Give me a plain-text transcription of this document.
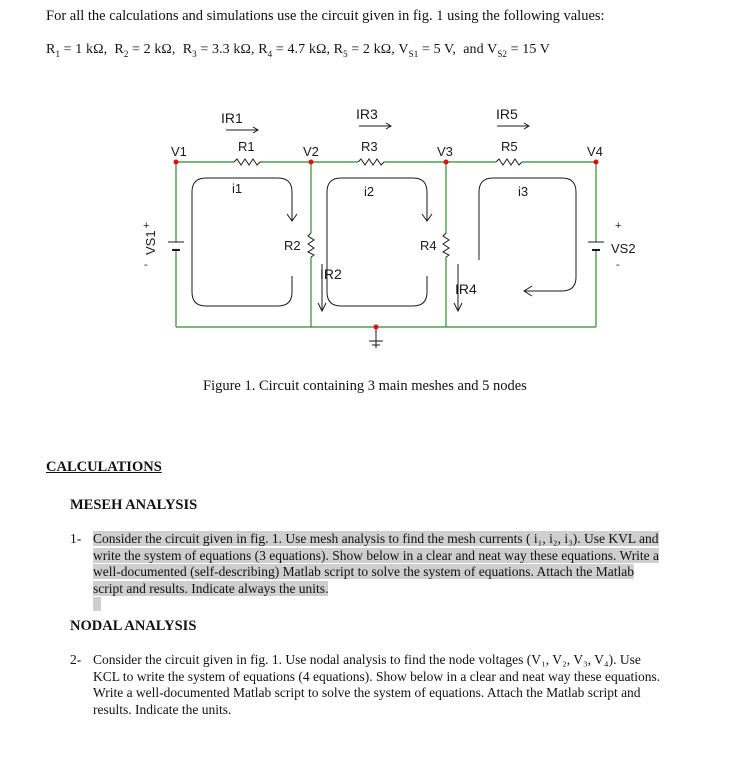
For all the calculations and simulations use the circuit given in fig. 1 using the following values:
$R_1 = 1$ kΩ,  $R_2 = 2$ kΩ,  $R_3 = 3.3$ kΩ, $R_4 = 4.7$ kΩ, $R_5 = 2$ kΩ, $V_{S1} = 5$ V, and $V_{S2} = 15$ V
IR1	IR3	IR5
R1	R3	R5
V1	V2	V3	V4
i1	i2	i3
R2	R4
IR2
IR4
+
VS1
-
+
VS2
-
Figure 1. Circuit containing 3 main meshes and 5 nodes
CALCULATIONS
MESEH ANALYSIS
1- Consider the circuit given in fig. 1. Use mesh analysis to find the mesh currents ( i₁, i₂, i₃). Use KVL and
write the system of equations (3 equations). Show below in a clear and neat way these equations. Write a
well-documented (self-describing) Matlab script to solve the system of equations. Attach the Matlab
script and results. Indicate always the units.
NODAL ANALYSIS
2- Consider the circuit given in fig. 1. Use nodal analysis to find the node voltages (V₁, V₂, V₃, V₄). Use
KCL to write the system of equations (4 equations). Show below in a clear and neat way these equations.
Write a well-documented Matlab script to solve the system of equations. Attach the Matlab script and
results. Indicate the units.
